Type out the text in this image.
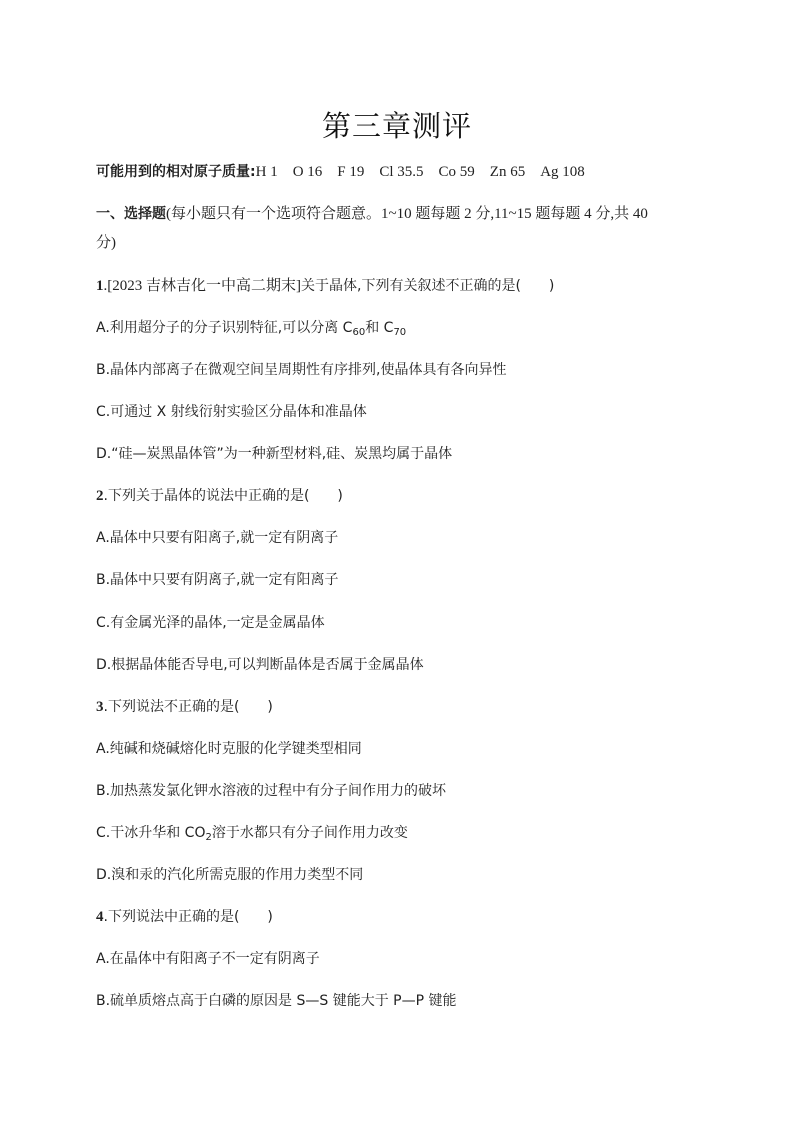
第三章测评
可能用到的相对原子质量:H 1　O 16　F 19　Cl 35.5　Co 59　Zn 65　Ag 108
一、选择题(每小题只有一个选项符合题意。1~10 题每题 2 分,11~15 题每题 4 分,共 40
分)
1.[2023 吉林吉化一中高二期末]关于晶体,下列有关叙述不正确的是(　　)
A.利用超分子的分子识别特征,可以分离 $C_{60}$和 $C_{70}$
B.晶体内部离子在微观空间呈周期性有序排列,使晶体具有各向异性
C.可通过 X 射线衍射实验区分晶体和准晶体
D.“硅—炭黑晶体管”为一种新型材料,硅、炭黑均属于晶体
2.下列关于晶体的说法中正确的是(　　)
A.晶体中只要有阳离子,就一定有阴离子
B.晶体中只要有阴离子,就一定有阳离子
C.有金属光泽的晶体,一定是金属晶体
D.根据晶体能否导电,可以判断晶体是否属于金属晶体
3.下列说法不正确的是(　　)
A.纯碱和烧碱熔化时克服的化学键类型相同
B.加热蒸发氯化钾水溶液的过程中有分子间作用力的破坏
C.干冰升华和 $CO_2$溶于水都只有分子间作用力改变
D.溴和汞的汽化所需克服的作用力类型不同
4.下列说法中正确的是(　　)
A.在晶体中有阳离子不一定有阴离子
B.硫单质熔点高于白磷的原因是 S—S 键能大于 P—P 键能
